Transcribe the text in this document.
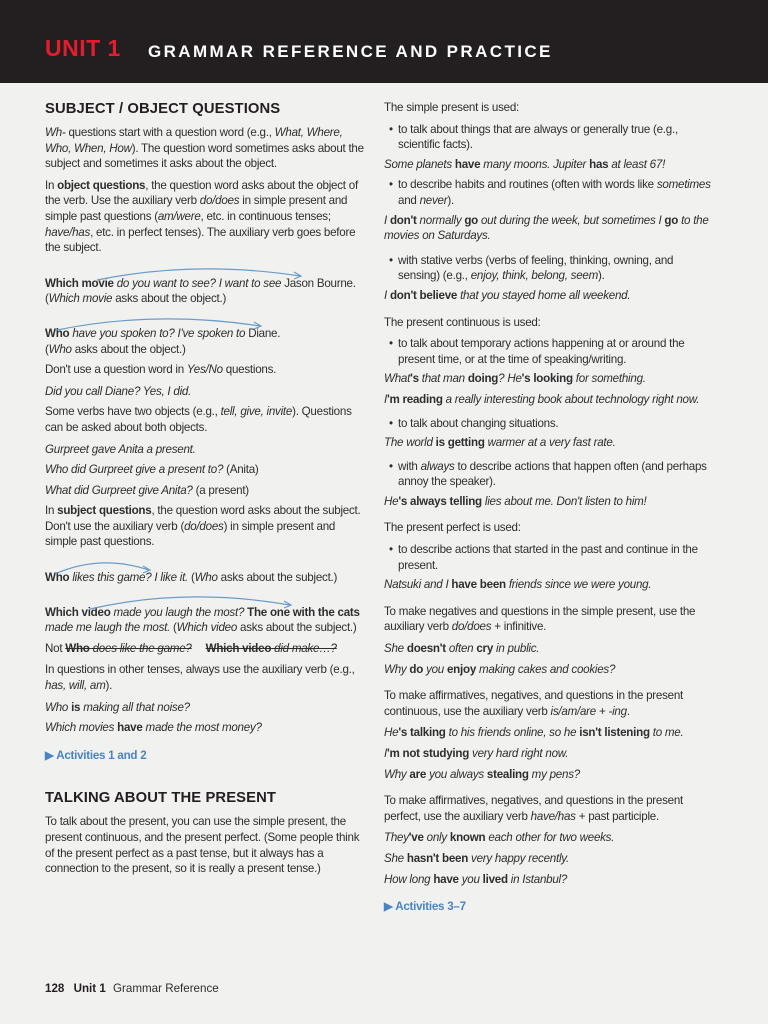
UNIT 1 GRAMMAR REFERENCE AND PRACTICE
SUBJECT / OBJECT QUESTIONS

Wh- questions start with a question word (e.g., What, Where, Who, When, How). The question word sometimes asks about the subject and sometimes it asks about the object.

In object questions, the question word asks about the object of the verb. Use the auxiliary verb do/does in simple present and simple past questions (am/were, etc. in continuous tenses; have/has, etc. in perfect tenses). The auxiliary verb goes before the subject.

Which movie do you want to see? I want to see Jason Bourne.

(Which movie asks about the object.)

Who have you spoken to? I've spoken to Diane.

(Who asks about the object.)

Don't use a question word in Yes/No questions.

Did you call Diane? Yes, I did.

Some verbs have two objects (e.g., tell, give, invite). Questions can be asked about both objects.

Gurpreet gave Anita a present.

Who did Gurpreet give a present to? (Anita)

What did Gurpreet give Anita? (a present)

In subject questions, the question word asks about the subject. Don't use the auxiliary verb (do/does) in simple present and simple past questions.

Who likes this game? I like it. (Who asks about the subject.)

Which video made you laugh the most? The one with the cats made me laugh the most. (Which video asks about the subject.)

Not Who does like the game? Which video did make…?

In questions in other tenses, always use the auxiliary verb (e.g., has, will, am).

Who is making all that noise?

Which movies have made the most money?

▶ Activities 1 and 2

TALKING ABOUT THE PRESENT

To talk about the present, you can use the simple present, the present continuous, and the present perfect. (Some people think of the present perfect as a past tense, but it always has a connection to the present, so it is really a present tense.)

The simple present is used:

• to talk about things that are always or generally true (e.g., scientific facts).

Some planets have many moons. Jupiter has at least 67!

• to describe habits and routines (often with words like sometimes and never).

I don't normally go out during the week, but sometimes I go to the movies on Saturdays.

• with stative verbs (verbs of feeling, thinking, owning, and sensing) (e.g., enjoy, think, belong, seem).

I don't believe that you stayed home all weekend.

The present continuous is used:

• to talk about temporary actions happening at or around the present time, or at the time of speaking/writing.

What's that man doing? He's looking for something.

I'm reading a really interesting book about technology right now.

• to talk about changing situations.

The world is getting warmer at a very fast rate.

• with always to describe actions that happen often (and perhaps annoy the speaker).

He's always telling lies about me. Don't listen to him!

The present perfect is used:

• to describe actions that started in the past and continue in the present.

Natsuki and I have been friends since we were young.

To make negatives and questions in the simple present, use the auxiliary verb do/does + infinitive.

She doesn't often cry in public.

Why do you enjoy making cakes and cookies?

To make affirmatives, negatives, and questions in the present continuous, use the auxiliary verb is/am/are + -ing.

He's talking to his friends online, so he isn't listening to me.

I'm not studying very hard right now.

Why are you always stealing my pens?

To make affirmatives, negatives, and questions in the present perfect, use the auxiliary verb have/has + past participle.

They've only known each other for two weeks.

She hasn't been very happy recently.

How long have you lived in Istanbul?

▶ Activities 3–7

128 Unit 1 Grammar Reference
